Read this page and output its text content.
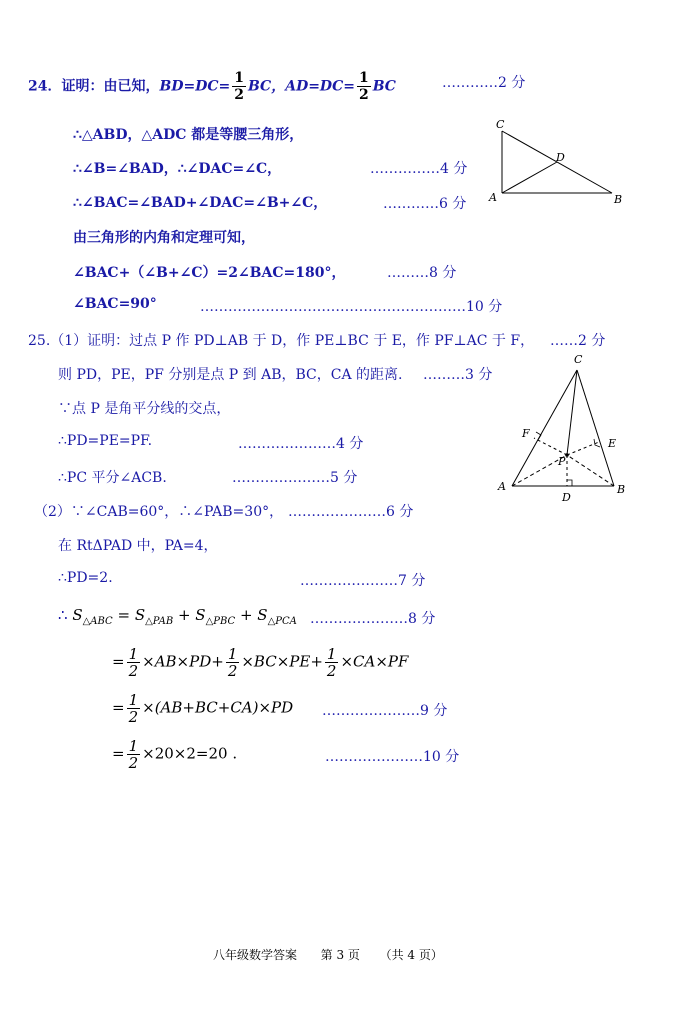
24．证明：由已知，$BD=DC= \frac{1}{2}$ BC，$AD=DC= \frac{1}{2}$ BC	…………2 分
∴△ABD，△ADC 都是等腰三角形，
∴∠B=∠BAD，∴∠DAC=∠C，	……………4 分
∴∠BAC=∠BAD+∠DAC=∠B+∠C，	…………6 分
由三角形的内角和定理可知，
∠BAC+（∠B+∠C）=2∠BAC=180°，	………8 分
∠BAC=90°	…………………………………………………10 分
C
D
A	B
25.（1）证明：过点 P 作 PD⊥AB 于 D，作 PE⊥BC 于 E，作 PF⊥AC 于 F， ……2 分
则 PD，PE，PF 分别是点 P 到 AB，BC，CA 的距离. ………3 分
∵点 P 是角平分线的交点，
∴PD=PE=PF.	…………………4 分
∴PC 平分∠ACB.	…………………5 分
（2）∵∠CAB=60°，∴∠PAB=30°， …………………6 分
在 RtΔPAD 中，PA=4，
∴PD=2.	…………………7 分
∴ $S_{\triangle ABC} = S_{\triangle PAB} + S_{\triangle PBC} + S_{\triangle PCA}$ …………………8 分
= $\frac{1}{2} \times AB\times PD+ \frac{1}{2} \times BC\times PE+ \frac{1}{2} \times CA\times PF$
= $\frac{1}{2} \times(AB+BC+CA)\times PD$ …………………9 分
= $\frac{1}{2} \times 20\times 2=20$ .	…………………10 分
C
F
E
P
A
D
B
八年级数学答案 第 3 页 （共 4 页）
